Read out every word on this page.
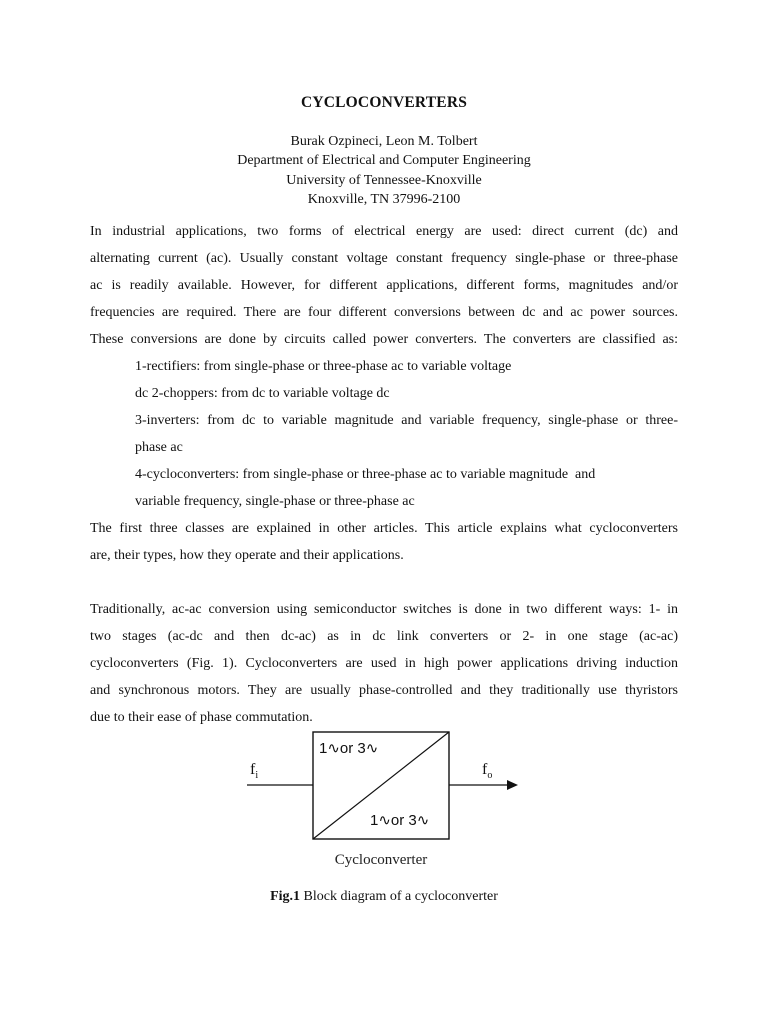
CYCLOCONVERTERS
Burak Ozpineci, Leon M. Tolbert
Department of Electrical and Computer Engineering
University of Tennessee-Knoxville
Knoxville, TN 37996-2100
In industrial applications, two forms of electrical energy are used: direct current (dc) and
alternating current (ac). Usually constant voltage constant frequency single-phase or three-phase
ac is readily available. However, for different applications, different forms, magnitudes and/or
frequencies are required. There are four different conversions between dc and ac power sources.
These conversions are done by circuits called power converters. The converters are classified as:
1-rectifiers: from single-phase or three-phase ac to variable voltage
dc 2-choppers: from dc to variable voltage dc
3-inverters: from dc to variable magnitude and variable frequency, single-phase or three-
phase ac
4-cycloconverters: from single-phase or three-phase ac to variable magnitude  and
variable frequency, single-phase or three-phase ac
The first three classes are explained in other articles. This article explains what cycloconverters
are, their types, how they operate and their applications.
Traditionally, ac-ac conversion using semiconductor switches is done in two different ways: 1- in
two stages (ac-dc and then dc-ac) as in dc link converters or 2- in one stage (ac-ac)
cycloconverters (Fig. 1). Cycloconverters are used in high power applications driving induction
and synchronous motors. They are usually phase-controlled and they traditionally use thyristors
due to their ease of phase commutation.
$f_i$	$f_o$
1∿or 3∿
1∿or 3∿
Cycloconverter
Fig.1 Block diagram of a cycloconverter
